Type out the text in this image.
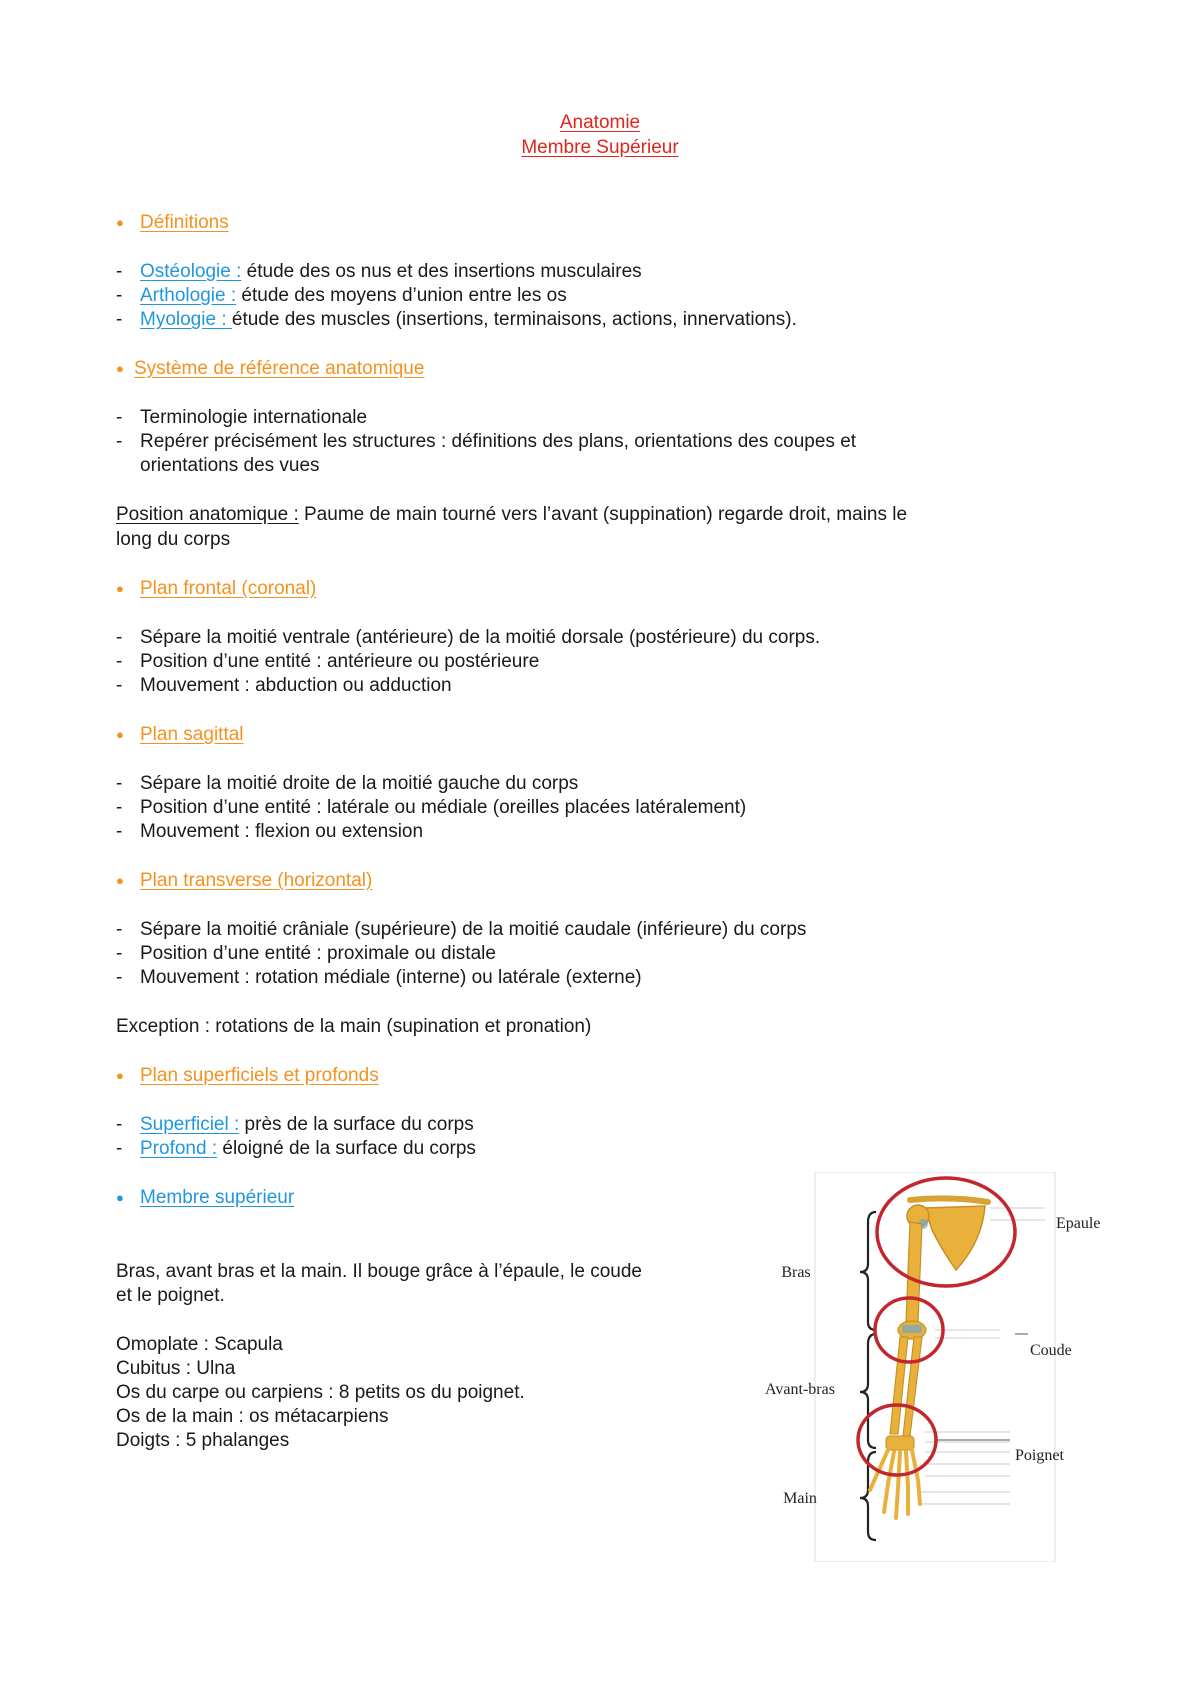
Anatomie
Membre Supérieur
● Définitions
- Ostéologie : étude des os nus et des insertions musculaires
- Arthologie : étude des moyens d’union entre les os
- Myologie : étude des muscles (insertions, terminaisons, actions, innervations).
● Système de référence anatomique
- Terminologie internationale
- Repérer précisément les structures : définitions des plans, orientations des coupes et
orientations des vues
Position anatomique : Paume de main tourné vers l’avant (suppination) regarde droit, mains le
long du corps
● Plan frontal (coronal)
- Sépare la moitié ventrale (antérieure) de la moitié dorsale (postérieure) du corps.
- Position d’une entité : antérieure ou postérieure
- Mouvement : abduction ou adduction
● Plan sagittal
- Sépare la moitié droite de la moitié gauche du corps
- Position d’une entité : latérale ou médiale (oreilles placées latéralement)
- Mouvement : flexion ou extension
● Plan transverse (horizontal)
- Sépare la moitié crâniale (supérieure) de la moitié caudale (inférieure) du corps
- Position d’une entité : proximale ou distale
- Mouvement : rotation médiale (interne) ou latérale (externe)
Exception : rotations de la main (supination et pronation)
● Plan superficiels et profonds
- Superficiel : près de la surface du corps
- Profond : éloigné de la surface du corps
● Membre supérieur
Bras, avant bras et la main. Il bouge grâce à l’épaule, le coude
et le poignet.
Omoplate : Scapula
Cubitus : Ulna
Os du carpe ou carpiens : 8 petits os du poignet.
Os de la main : os métacarpiens
Doigts : 5 phalanges
Bras
Avant-bras
Main
Epaule
Coude
Poignet
